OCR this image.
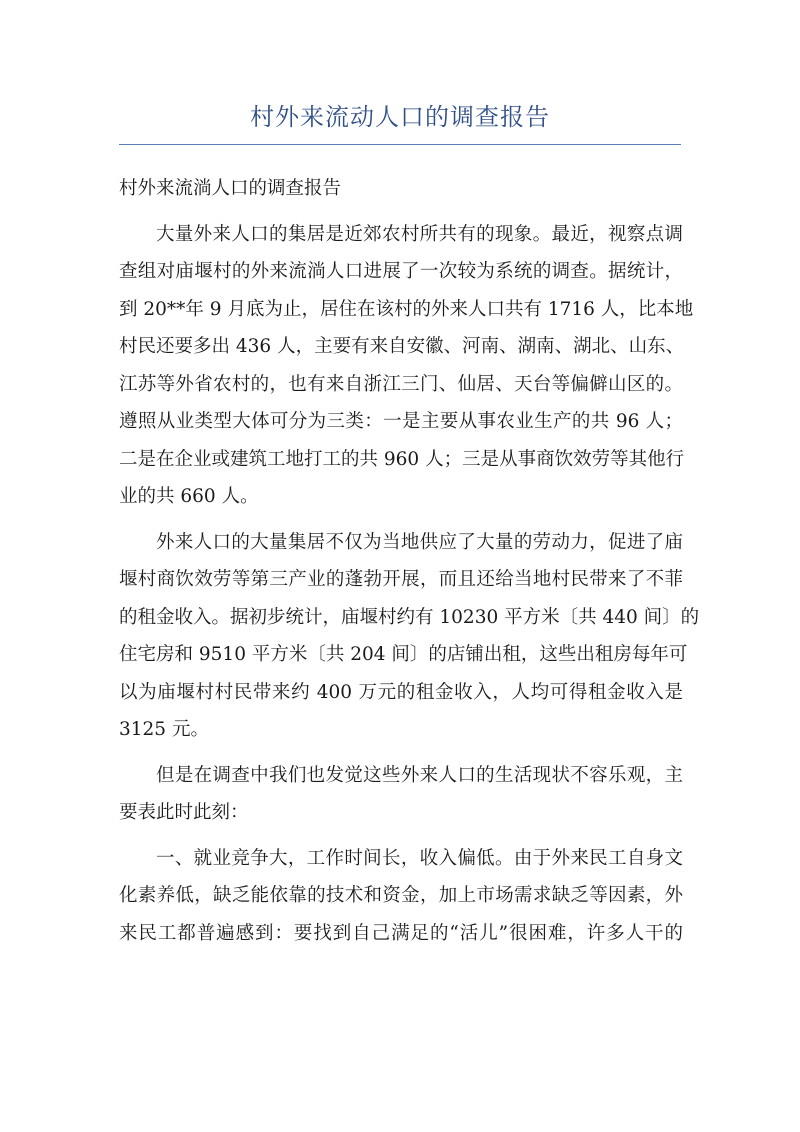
村外来流动人口的调查报告

村外来流淌人口的调查报告

大量外来人口的集居是近郊农村所共有的现象。最近，视察点调
查组对庙堰村的外来流淌人口进展了一次较为系统的调查。据统计，
到 20**年 9 月底为止，居住在该村的外来人口共有 1716 人，比本地
村民还要多出 436 人，主要有来自安徽、河南、湖南、湖北、山东、
江苏等外省农村的，也有来自浙江三门、仙居、天台等偏僻山区的。
遵照从业类型大体可分为三类：一是主要从事农业生产的共 96 人；
二是在企业或建筑工地打工的共 960 人；三是从事商饮效劳等其他行
业的共 660 人。
外来人口的大量集居不仅为当地供应了大量的劳动力，促进了庙
堰村商饮效劳等第三产业的蓬勃开展，而且还给当地村民带来了不菲
的租金收入。据初步统计，庙堰村约有 10230 平方米〔共 440 间〕的
住宅房和 9510 平方米〔共 204 间〕的店铺出租，这些出租房每年可
以为庙堰村村民带来约 400 万元的租金收入，人均可得租金收入是
3125 元。
但是在调查中我们也发觉这些外来人口的生活现状不容乐观，主
要表此时此刻：
一、就业竞争大，工作时间长，收入偏低。由于外来民工自身文
化素养低，缺乏能依靠的技术和资金，加上市场需求缺乏等因素，外
来民工都普遍感到：要找到自己满足的“活儿”很困难，许多人干的
